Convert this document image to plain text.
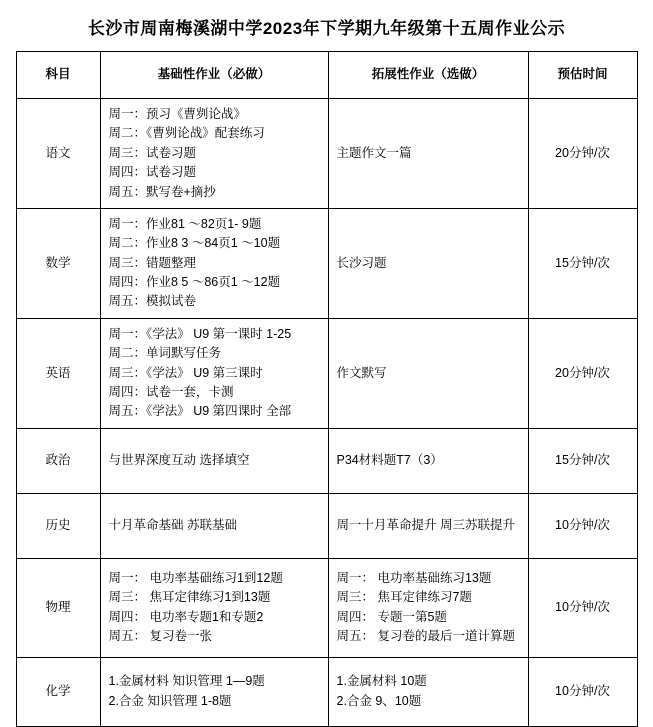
长沙市周南梅溪湖中学2023年下学期九年级第十五周作业公示
科目	基础性作业（必做）	拓展性作业（选做）	预估时间
语文	周一：预习《曹刿论战》
周二：《曹刿论战》配套练习
周三：试卷习题
周四：试卷习题
周五：默写卷+摘抄	主题作文一篇	20分钟/次
数学	周一：作业81 ～82页1- 9题
周二：作业8 3 ～84页1 ～10题
周三：错题整理
周四：作业8 5 ～86页1 ～12题
周五：模拟试卷	长沙习题	15分钟/次
英语	周一：《学法》 U9 第一课时 1-25
周二：单词默写任务
周三：《学法》 U9 第三课时
周四：试卷一套，卡测
周五：《学法》 U9 第四课时 全部	作文默写	20分钟/次
政治	与世界深度互动 选择填空	P34材料题T7（3）	15分钟/次
历史	十月革命基础 苏联基础	周一十月革命提升 周三苏联提升	10分钟/次
物理	周一： 电功率基础练习1到12题
周三： 焦耳定律练习1到13题
周四： 电功率专题1和专题2
周五： 复习卷一张	周一： 电功率基础练习13题
周三： 焦耳定律练习7题
周四： 专题一第5题
周五： 复习卷的最后一道计算题	10分钟/次
化学	1.金属材料 知识管理 1—9题
2.合金 知识管理 1-8题	1.金属材料 10题
2.合金 9、10题	10分钟/次
